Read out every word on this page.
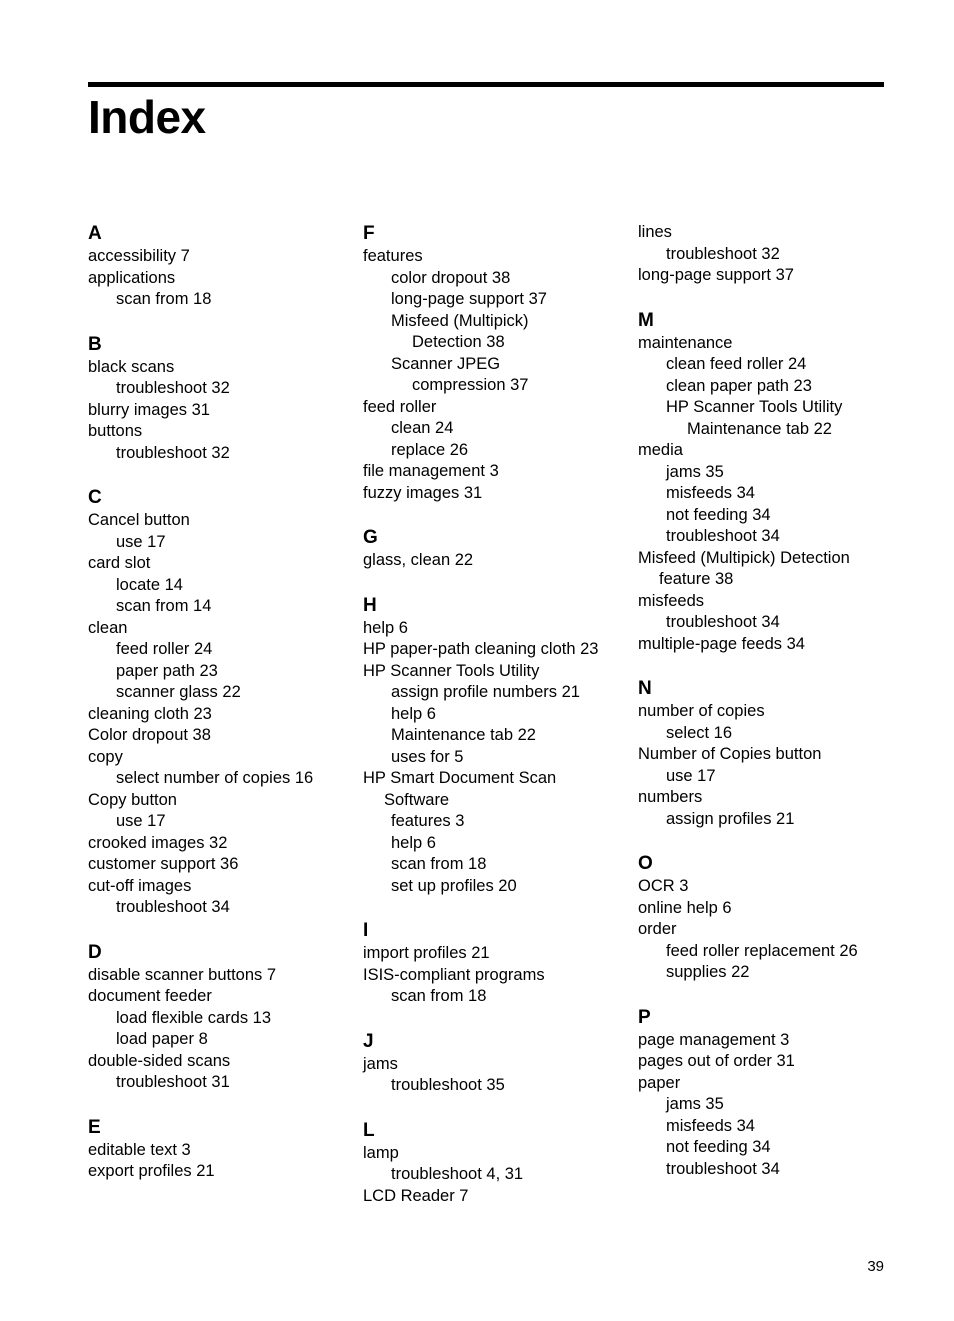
Index
A
accessibility 7
applications
scan from 18
B
black scans
troubleshoot 32
blurry images 31
buttons
troubleshoot 32
C
Cancel button
use 17
card slot
locate 14
scan from 14
clean
feed roller 24
paper path 23
scanner glass 22
cleaning cloth 23
Color dropout 38
copy
select number of copies 16
Copy button
use 17
crooked images 32
customer support 36
cut-off images
troubleshoot 34
D
disable scanner buttons 7
document feeder
load flexible cards 13
load paper 8
double-sided scans
troubleshoot 31
E
editable text 3
export profiles 21
F
features
color dropout 38
long-page support 37
Misfeed (Multipick)
Detection 38
Scanner JPEG
compression 37
feed roller
clean 24
replace 26
file management 3
fuzzy images 31
G
glass, clean 22
H
help 6
HP paper-path cleaning cloth 23
HP Scanner Tools Utility
assign profile numbers 21
help 6
Maintenance tab 22
uses for 5
HP Smart Document Scan
Software
features 3
help 6
scan from 18
set up profiles 20
I
import profiles 21
ISIS-compliant programs
scan from 18
J
jams
troubleshoot 35
L
lamp
troubleshoot 4, 31
LCD Reader 7
lines
troubleshoot 32
long-page support 37
M
maintenance
clean feed roller 24
clean paper path 23
HP Scanner Tools Utility
Maintenance tab 22
media
jams 35
misfeeds 34
not feeding 34
troubleshoot 34
Misfeed (Multipick) Detection
feature 38
misfeeds
troubleshoot 34
multiple-page feeds 34
N
number of copies
select 16
Number of Copies button
use 17
numbers
assign profiles 21
O
OCR 3
online help 6
order
feed roller replacement 26
supplies 22
P
page management 3
pages out of order 31
paper
jams 35
misfeeds 34
not feeding 34
troubleshoot 34
39
